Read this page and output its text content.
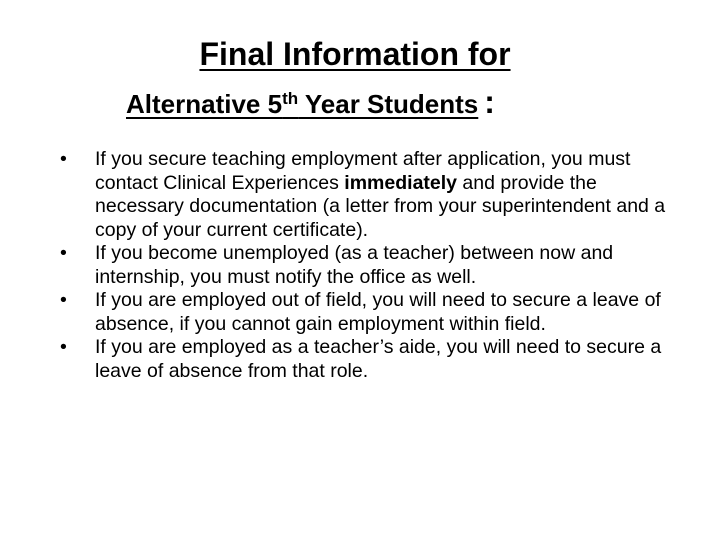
Final Information for
Alternative 5th Year Students :
•	If you secure teaching employment after application, you must contact Clinical Experiences immediately and provide the necessary documentation (a letter from your superintendent and a copy of your current certificate).
•	If you become unemployed (as a teacher) between now and internship, you must notify the office as well.
•	If you are employed out of field, you will need to secure a leave of absence, if you cannot gain employment within field.
•	If you are employed as a teacher’s aide, you will need to secure a leave of absence from that role.
